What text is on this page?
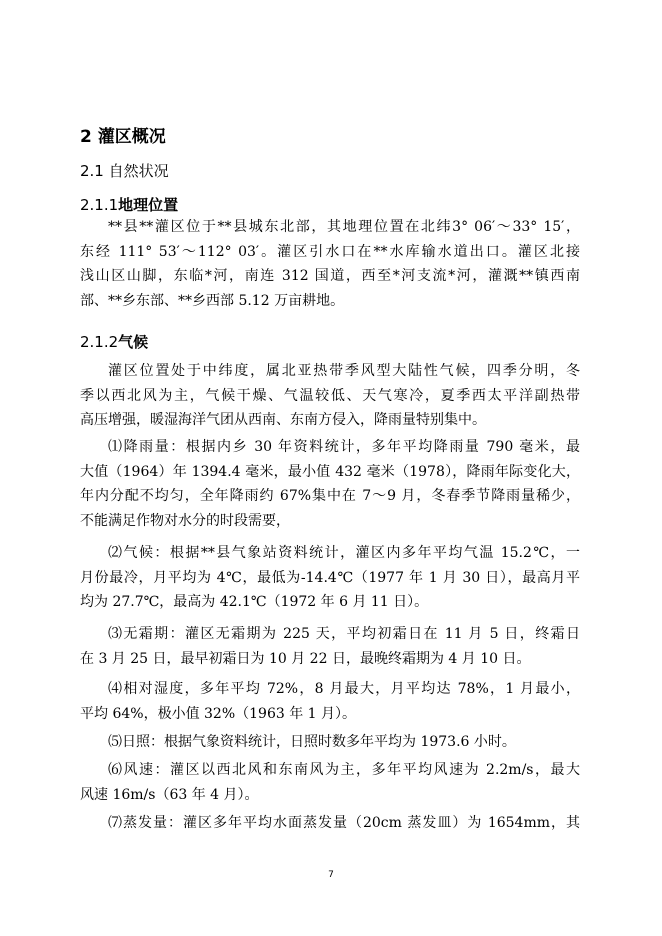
2 灌区概况
2.1 自然状况
2.1.1地理位置
**县**灌区位于**县城东北部，其地理位置在北纬3° 06′～33° 15′，
东经 111° 53′～112° 03′。灌区引水口在**水库输水道出口。灌区北接
浅山区山脚，东临*河，南连 312 国道，西至*河支流*河，灌溉**镇西南
部、**乡东部、**乡西部 5.12 万亩耕地。
2.1.2气候
灌区位置处于中纬度，属北亚热带季风型大陆性气候，四季分明，冬
季以西北风为主，气候干燥、气温较低、天气寒冷，夏季西太平洋副热带
高压增强，暖湿海洋气团从西南、东南方侵入，降雨量特别集中。
⑴降雨量：根据内乡 30 年资料统计，多年平均降雨量 790 毫米，最
大值（1964）年 1394.4 毫米，最小值 432 毫米（1978），降雨年际变化大，
年内分配不均匀，全年降雨约 67%集中在 7～9 月，冬春季节降雨量稀少，
不能满足作物对水分的时段需要，
⑵气候：根据**县气象站资料统计，灌区内多年平均气温 15.2℃，一
月份最冷，月平均为 4℃，最低为-14.4℃（1977 年 1 月 30 日），最高月平
均为 27.7℃，最高为 42.1℃（1972 年 6 月 11 日）。
⑶无霜期：灌区无霜期为 225 天，平均初霜日在 11 月 5 日，终霜日
在 3 月 25 日，最早初霜日为 10 月 22 日，最晚终霜期为 4 月 10 日。
⑷相对湿度，多年平均 72%，8 月最大，月平均达 78%，1 月最小，
平均 64%，极小值 32%（1963 年 1 月）。
⑸日照：根据气象资料统计，日照时数多年平均为 1973.6 小时。
⑹风速：灌区以西北风和东南风为主，多年平均风速为 2.2m/s，最大
风速 16m/s（63 年 4 月）。
⑺蒸发量：灌区多年平均水面蒸发量（20cm 蒸发皿）为 1654mm，其
7
